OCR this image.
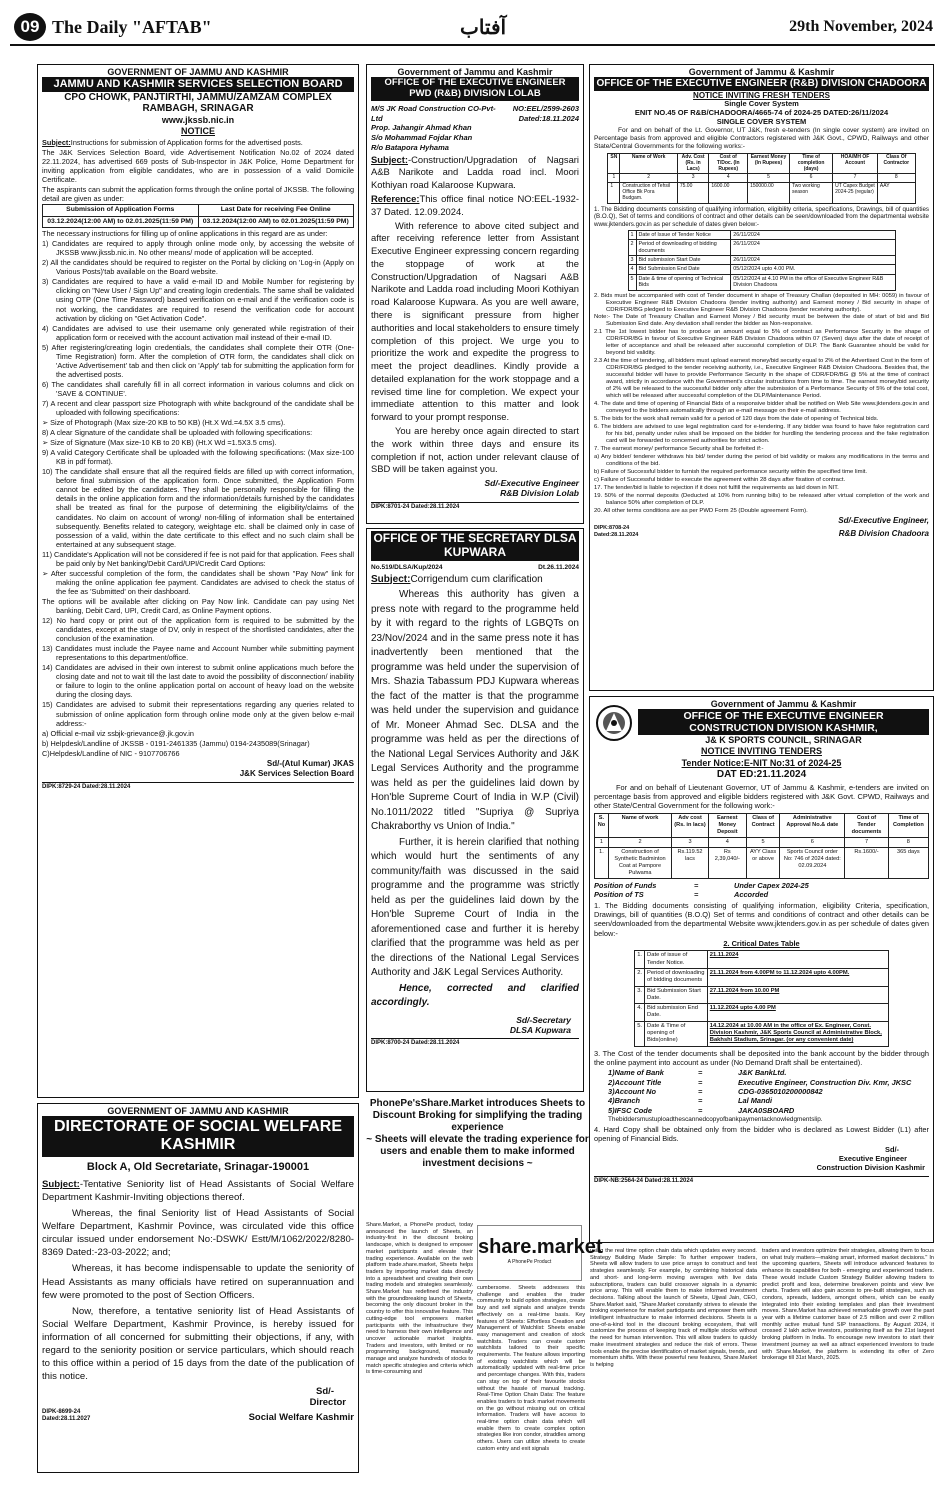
09 The Daily "AFTAB"	آفتاب	29th November, 2024
GOVERNMENT OF JAMMU AND KASHMIR
JAMMU AND KASHMIR SERVICES SELECTION BOARD
CPO CHOWK, PANJTIRTHI, JAMMU/ZAMZAM COMPLEX RAMBAGH, SRINAGAR
www.jkssb.nic.in
NOTICE

Subject:Instructions for submission of Application forms for the advertised posts.

The J&K Services Selection Board, vide Advertisement Notification No.02 of 2024 dated 22.11.2024, has advertised 669 posts of Sub-Inspector in J&K Police, Home Department for inviting application from eligible candidates, who are in possession of a valid Domicile Certificate.

The aspirants can submit the application forms through the online portal of JKSSB. The following detail are given as under:

Submission of Application Forms	Last Date for receiving Fee Online
03.12.2024(12:00 AM) to 02.01.2025(11:59 PM)	03.12.2024(12:00 AM) to 02.01.2025(11:59 PM)

The necessary instructions for filling up of online applications in this regard are as under:

1) Candidates are required to apply through online mode only, by accessing the website of JKSSB www.jkssb.nic.in. No other means/ mode of application will be accepted.

2) All the candidates should be required to register on the Portal by clicking on 'Log-in (Apply on Various Posts)'tab available on the Board website.

3) Candidates are required to have a valid e-mail ID and Mobile Number for registering by clicking on "New User / Sign Up" and creating login credentials. The same shall be validated using OTP (One Time Password) based verification on e-mail and if the verification code is not working, the candidates are required to resend the verification code for account activation by clicking on "Get Activation Code".

4) Candidates are advised to use their username only generated while registration of their application form or received with the account activation mail instead of their e-mail ID.

5) After registering/creating login credentials, the candidates shall complete their OTR (One-Time Registration) form. After the completion of OTR form, the candidates shall click on 'Active Advertisement' tab and then click on 'Apply' tab for submitting the application form for the advertised posts.

6) The candidates shall carefully fill in all correct information in various columns and click on 'SAVE & CONTINUE'.

7) A recent and clear passport size Photograph with white background of the candidate shall be uploaded with following specifications:

➢ Size of Photograph (Max size-20 KB to 50 KB) (Ht.X Wd.=4.5X 3.5 cms).

8) A clear Signature of the candidate shall be uploaded with following specifications:

➢ Size of Signature (Max size-10 KB to 20 KB) (Ht.X Wd =1.5X3.5 cms).

9) A valid Category Certificate shall be uploaded with the following specifications: (Max size-100 KB in pdf format).

10) The candidate shall ensure that all the required fields are filled up with correct information, before final submission of the application form. Once submitted, the Application Form cannot be edited by the candidates. They shall be personally responsible for filling the details in the online application form and the information/details furnished by the candidates shall be treated as final for the purpose of determining the eligibility/claims of the candidates. No claim on account of wrong/ non-filling of information shall be entertained subsequently. Benefits related to category, weightage etc. shall be claimed only in case of possession of a valid, within the date certificate to this effect and no such claim shall be entertained at any subsequent stage.

11) Candidate's Application will not be considered if fee is not paid for that application. Fees shall be paid only by Net banking/Debit Card/UPI/Credit Card Options:

➢ After successful completion of the form, the candidates shall be shown "Pay Now" link for making the online application fee payment. Candidates are advised to check the status of the fee as 'Submitted' on their dashboard.

The options will be available after clicking on Pay Now link. Candidate can pay using Net banking, Debit Card, UPI, Credit Card, as Online Payment options.

12) No hard copy or print out of the application form is required to be submitted by the candidates, except at the stage of DV, only in respect of the shortlisted candidates, after the conclusion of the examination.

13) Candidates must include the Payee name and Account Number while submitting payment representations to this department/office.

14) Candidates are advised in their own interest to submit online applications much before the closing date and not to wait till the last date to avoid the possibility of disconnection/ inability or failure to login to the online application portal on account of heavy load on the website during the closing days.

15) Candidates are advised to submit their representations regarding any queries related to submission of online application form through online mode only at the given below e-mail address:-

a) Official e-mail viz ssbjk-grievance@.jk.gov.in

b) Helpdesk/Landline of JKSSB - 0191-2461335 (Jammu) 0194-2435089(Srinagar)

C)Helpdesk/Landline of NIC - 9107706766

Sd/-(Atul Kumar) JKAS
J&K Services Selection Board
DIPK:8729-24 Dated:28.11.2024
GOVERNMENT OF JAMMU AND KASHMIR
DIRECTORATE OF SOCIAL WELFARE KASHMIR
Block A, Old Secretariate, Srinagar-190001

Subject:-Tentative Seniority list of Head Assistants of Social Welfare Department Kashmir-Inviting objections thereof.

Whereas, the final Seniority list of Head Assistants of Social Welfare Department, Kashmir Povince, was circulated vide this office circular issued under endorsement No:-DSWK/ Estt/M/1062/2022/8280-8369 Dated:-23-03-2022; and;

Whereas, it has become indispensable to update the seniority of Head Assistants as many officials have retired on superannuation and few were promoted to the post of Section Officers.

Now, therefore, a tentative seniority list of Head Assistants of Social Welfare Department, Kashmir Province, is hereby issued for information of all concerned for submitting their objections, if any, with regard to the seniority position or service particulars, which should reach to this office within a period of 15 days from the date of the publication of this notice.

Sd/-
Director
DIPK-8699-24
Dated:28.11.2027	Social Welfare Kashmir
Government of Jammu and Kashmir
OFFICE OF THE EXECUTIVE ENGINEER PWD (R&B) DIVISION LOLAB
M/S JK Road Construction CO-Pvt-Ltd
NO:EEL/2599-2603
Dated:18.11.2024
Prop. Jahangir Ahmad Khan
S/o Mohammad Fojdar Khan
R/o Batapora Hyhama

Subject:-Construction/Upgradation of Nagsari A&B Narikote and Ladda road incl. Moori Kothiyan road Kalaroose Kupwara.

Reference:This office final notice NO:EEL-1932-37 Dated. 12.09.2024.

With reference to above cited subject and after receiving reference letter from Assistant Executive Engineer expressing concern regarding the stoppage of work at the Construction/Upgradation of Nagsari A&B Narikote and Ladda road including Moori Kothiyan road Kalaroose Kupwara. As you are well aware, there is significant pressure from higher authorities and local stakeholders to ensure timely completion of this project. We urge you to prioritize the work and expedite the progress to meet the project deadlines. Kindly provide a detailed explanation for the work stoppage and a revised time line for completion. We expect your immediate attention to this matter and look forward to your prompt response.

You are hereby once again directed to start the work within three days and ensure its completion if not, action under relevant clause of SBD will be taken against you.

Sd/-Executive Engineer
R&B Division Lolab
DIPK:8701-24 Dated:28.11.2024
OFFICE OF THE SECRETARY DLSA KUPWARA
No.519/DLSA/Kup/2024	Dt.26.11.2024

Subject:Corrigendum cum clarification

Whereas this authority has given a press note with regard to the programme held by it with regard to the rights of LGBQTs on 23/Nov/2024 and in the same press note it has inadvertently been mentioned that the programme was held under the supervision of Mrs. Shazia Tabassum PDJ Kupwara whereas the fact of the matter is that the programme was held under the supervision and guidance of Mr. Moneer Ahmad Sec. DLSA and the programme was held as per the directions of the National Legal Services Authority and J&K Legal Services Authority and the programme was held as per the guidelines laid down by Hon'ble Supreme Court of India in W.P (Civil) No.1011/2022 titled "Supriya @ Supriya Chakraborthy vs Union of India."

Further, it is herein clarified that nothing which would hurt the sentiments of any community/faith was discussed in the said programme and the programme was strictly held as per the guidelines laid down by the Hon'ble Supreme Court of India in the aforementioned case and further it is hereby clarified that the programme was held as per the directions of the National Legal Services Authority and J&K Legal Services Authority.

Hence, corrected and clarified accordingly.

Sd/-Secretary
DLSA Kupwara
DIPK:8700-24 Dated:28.11.2024
Government of Jammu & Kashmir
OFFICE OF THE EXECUTIVE ENGINEER (R&B) DIVISION CHADOORA
NOTICE INVITING FRESH TENDERS
Single Cover System
ENIT NO.45 OF R&B/CHADOORA/4665-74 of 2024-25 DATED:26/11/2024
SINGLE COVER SYSTEM

For and on behalf of the Lt. Governor, UT J&K, fresh e-tenders (In single cover system) are invited on Percentage basis from approved and eligible Contractors registered with J&K Govt., CPWD, Railways and other State/Central Governments for the following works:-

SN	Name of Work	Adv. Cost (Rs. in Lacs)	Cost of T/Doc. (In Rupees)	Earnest Money (In Rupees)	Time of completion (days)	HOA/MH OF Account	Class Of Contractor
1	2	3	4	5	6	7	8
1	Construction of Tehsil Office Bk Pora Budgam.	75.00	1600.00	150000.00	Two working season	UT Capex Budget 2024-25 (regular)	AAY

1. The Bidding documents consisting of qualifying information, eligibility criteria, specifications, Drawings, bill of quantities (B.O.Q), Set of terms and conditions of contract and other details can be seen/downloaded from the departmental website www.jktenders.gov.in as per schedule of dates given below:-

1	Date of Issue of Tender Notice	26/11/2024
2	Period of downloading of bidding documents	26/11/2024
3	Bid submission Start Date	26/11/2024
4	Bid Submission End Date	05/12/2024 upto 4.00 PM.
5	Date & time of opening of Technical Bids	05/12/2024 at 4.10 PM in the office of Executive Engineer R&B Division Chadoora

2. Bids must be accompanied with cost of Tender document in shape of Treasury Challan (deposited in MH: 0059) in favour of Executive Engineer R&B Division Chadoora (tender inviting authority) and Earnest money / Bid security in shape of CDR/FDR/BG pledged to Executive Engineer R&B Division Chadoora (tender receiving authority).

Note:- The Date of Treasury Challan and Earnest Money / Bid security must be between the date of start of bid and Bid Submission End date. Any deviation shall render the bidder as Non-responsive.

2.1 The 1st lowest bidder has to produce an amount equal to 5% of contract as Performance Security in the shape of CDR/FDR/BG in favour of Executive Engineer R&B Division Chadoora within 07 (Seven) days after the date of receipt of letter of acceptance and shall be released after successful completion of DLP. The Bank Guarantee should be valid for beyond bid validity.

2.3 At the time of tendering, all bidders must upload earnest money/bid security equal to 2% of the Advertised Cost in the form of CDR/FDR/BG pledged to the tender receiving authority, i.e., Executive Engineer R&B Division Chadoora. Besides that, the successful bidder will have to provide Performance Security in the shape of CDR/FDR/BG @ 5% at the time of contract award, strictly in accordance with the Government's circular instructions from time to time. The earnest money/bid security of 2% will be released to the successful bidder only after the submission of a Performance Security of 5% of the total cost, which will be released after successful completion of the DLP/Maintenance Period.

4. The date and time of opening of Financial Bids of a responsive bidder shall be notified on Web Site www.jktenders.gov.in and conveyed to the bidders automatically through an e-mail message on their e-mail address.

5. The bids for the work shall remain valid for a period of 120 days from the date of opening of Technical bids.

6. The bidders are advised to use legal registration card for e-tendering. If any bidder was found to have fake registration card for his bid, penalty under rules shall be imposed on the bidder for hurdling the tendering process and the fake registration card will be forwarded to concerned authorities for strict action.

7. The earnest money/ performance Security shall be forfeited if:-

a) Any bidder/ tenderer withdraws his bid/ tender during the period of bid validity or makes any modifications in the terms and conditions of the bid.

b) Failure of Successful bidder to furnish the required performance security within the specified time limit.

c) Failure of Successful bidder to execute the agreement within 28 days after fixation of contract.

17. The tender/bid is liable to rejection if it does not fulfill the requirements as laid down in NIT.

19. 50% of the normal deposits (Deducted at 10% from running bills) to be released after virtual completion of the work and balance 50% after completion of DLP.

20. All other terms conditions are as per PWD Form 25 (Double agreement Form).

Sd/-Executive Engineer,
DIPK:8708-24
Dated:28.11.2024	R&B Division Chadoora
Government of Jammu & Kashmir
OFFICE OF THE EXECUTIVE ENGINEER CONSTRUCTION DIVISION KASHMIR,
J& K SPORTS COUNCIL, SRINAGAR
NOTICE INVITING TENDERS
Tender Notice:E-NIT No:31 of 2024-25
DAT ED:21.11.2024

For and on behalf of Lieutenant Governor, UT of Jammu & Kashmir, e-tenders are invited on percentage basis from approved and eligible bidders registered with J&K Govt. CPWD, Railways and other State/Central Government for the following work:-

S. No	Name of work	Adv cost (Rs. in lacs)	Earnest Money Deposit	Class of Contract	Administrative Approval No.& date	Cost of Tender documents	Time of Completion
1	2	3	4	5	6	7	8
1.	Construction of Synthetic Badminton Coat at Pampore Pulwama	Rs.119.52 lacs	Rs 2,39,040/-	AYY Class or above	Sports Council order No: 746 of 2024 dated: 02.09.2024	Rs.1600/-	365 days
Position of Funds	=	Under Capex 2024-25
Position of TS	=	Accorded

1. The Bidding documents consisting of qualifying information, eligibility Criteria, specification, Drawings, bill of quantities (B.O.Q) Set of terms and conditions of contract and other details can be seen/downloaded from the departmental Website www.jktenders.gov.in as per schedule of dates given below:-

2. Critical Dates Table
1.	Date of issue of Tender Notice.	21.11.2024
2.	Period of downloading of bidding documents	21.11.2024 from 4.00PM to 11.12.2024 upto 4.00PM.
3.	Bid Submission Start Date.	27.11.2024 from 10.00 PM
4.	Bid submission End Date.	11.12.2024 upto 4.00 PM
5.	Date & Time of opening of Bids(online)	14.12.2024 at 10.00 AM in the office of Ex. Engineer, Const. Division Kashmir, J&K Sports Council at Administrative Block, Bakhshi Stadium, Srinagar. (or any convenient date)

3. The Cost of the tender documents shall be deposited into the bank account by the bidder through the online payment into account as under (No Demand Draft shall be entertained).

1)Name of Bank	=	J&K BankLtd.
2)Account Title	=	Executive Engineer, Construction Div. Kmr, JKSC
3)Account No	=	CDG-0365010200000842
4)Branch	=	Lal Mandi
5)IFSC Code	=	JAKA0SBOARD

Thebiddersmustuploadthescannedcopyofbankpaymentacknowledgmentslip.

4. Hard Copy shall be obtained only from the bidder who is declared as Lowest Bidder (L1) after opening of Financial Bids.

Sd/-
Executive Engineer
Construction Division Kashmir
DIPK-NB:2564-24 Dated:28.11.2024
PhonePe'sShare.Market introduces Sheets to Discount Broking for simplifying the trading experience
~ Sheets will elevate the trading experience for users and enable them to make informed investment decisions ~
Share.Market, a PhonePe product, today announced the launch of Sheets, an industry-first in the discount broking landscape, which is designed to empower market participants and elevate their trading experience. Available on the web platform trade.share.market, Sheets helps traders by importing market data directly into a spreadsheet and creating their own trading models and strategies seamlessly. Share.Market has redefined the industry with the groundbreaking launch of Sheets, becoming the only discount broker in the country to offer this innovative feature. This cutting-edge tool empowers market participants with the infrastructure they need to harness their own intelligence and uncover actionable market insights. Traders and investors, with limited or no programming background, manually manage and analyze hundreds of stocks to match specific strategies and criteria which is time-consuming and
share.market
A PhonePe Product
cumbersome. Sheets addresses this challenge and enables the trader community to build option strategies, create buy and sell signals and analyze trends effectively on a real-time basis. Key features of Sheets: Effortless Creation and Management of Watchlist: Sheets enable easy management and creation of stock watchlists. Traders can create custom watchlists tailored to their specific requirements. The feature allows importing of existing watchlists which will be automatically updated with real-time price and percentage changes. With this, traders can stay on top of their favourite stocks without the hassle of manual tracking. Real-Time Option Chain Data: The feature enables traders to track market movements on the go without missing out on critical information. Traders will have access to real-time option chain data which will enable them to create complex option strategies like iron condor, straddles among others. Users can utilize sheets to create custom entry and exit signals
using the real time option chain data which updates every second. Strategy Building Made Simple: To further empower traders, Sheets will allow traders to use price arrays to construct and test strategies seamlessly. For example, by combining historical data and short- and long-term moving averages with live data subscriptions, traders can build crossover signals in a dynamic price array. This will enable them to make informed investment decisions. Talking about the launch of Sheets, Ujjwal Jain, CEO, Share.Market said, "Share.Market constantly strives to elevate the broking experience for market participants and empower them with intelligent infrastructure to make informed decisions. Sheets is a one-of-a-kind tool in the discount broking ecosystem, that will customize the process of keeping track of multiple stocks without the need for human intervention. This will allow traders to quickly make investment strategies and reduce the risk of errors. These tools enable the precise identification of market signals, trends, and momentum shifts. With these powerful new features, Share.Market is helping
traders and investors optimize their strategies, allowing them to focus on what truly matters—making smart, informed market decisions." In the upcoming quarters, Sheets will introduce advanced features to enhance its capabilities for both - emerging and experienced traders. These would include Custom Strategy Builder allowing traders to predict profit and loss, determine breakeven points and view live charts. Traders will also gain access to pre-built strategies, such as condors, spreads, ladders, amongst others, which can be easily integrated into their existing templates and plan their investment moves. Share.Market has achieved remarkable growth over the past year with a lifetime customer base of 2.5 million and over 2 million monthly active mutual fund SIP transactions. By August 2024, it crossed 2 lakh active investors, positioning itself as the 21st largest broking platform in India. To encourage new investors to start their investment journey as well as attract experienced investors to trade with Share.Market, the platform is extending its offer of Zero brokerage till 31st March, 2025.
